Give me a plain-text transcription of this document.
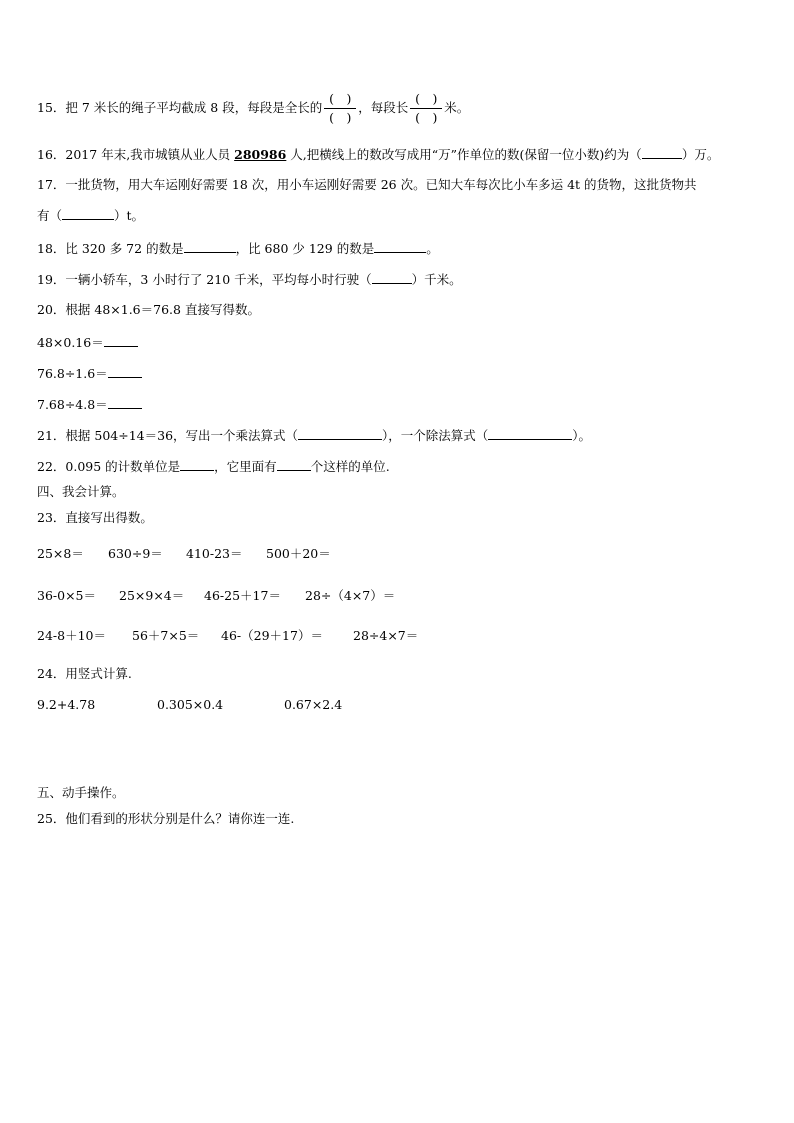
15．把 7 米长的绳子平均截成 8 段，每段是全长的 $\frac{( )}{( )}$ ，每段长 $\frac{( )}{( )}$ 米。
16．2017 年末,我市城镇从业人员 280986 人,把横线上的数改写成用“万”作单位的数(保留一位小数)约为（	）万。
17．一批货物，用大车运刚好需要 18 次，用小车运刚好需要 26 次。已知大车每次比小车多运 4t 的货物，这批货物共
有（	）t。
18．比 320 多 72 的数是	，比 680 少 129 的数是	。
19．一辆小轿车，3 小时行了 210 千米，平均每小时行驶（	）千米。
20．根据 48×1.6＝76.8 直接写得数。
48×0.16＝
76.8÷1.6＝
7.68÷4.8＝
21．根据 504÷14＝36，写出一个乘法算式（	），一个除法算式（	）。
22．0.095 的计数单位是	，它里面有	个这样的单位.
四、我会计算。
23．直接写出得数。
25×8＝ 630÷9＝ 410-23＝ 500＋20＝
36-0×5＝ 25×9×4＝ 46-25＋17＝ 28÷（4×7）＝
24-8＋10＝ 56＋7×5＝ 46-（29＋17）＝ 28÷4×7＝
24．用竖式计算.
9.2+4.78	0.305×0.4	0.67×2.4
五、动手操作。
25．他们看到的形状分别是什么？请你连一连.
